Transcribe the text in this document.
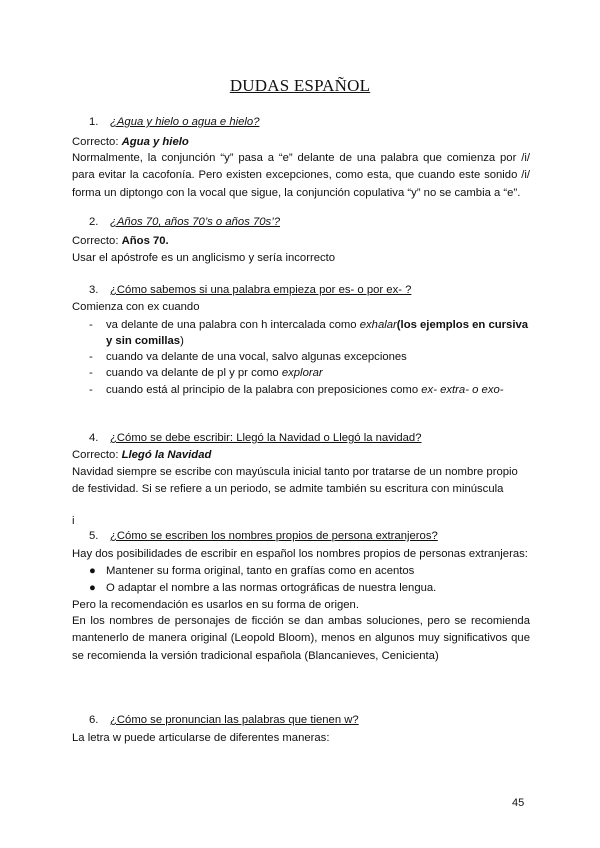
DUDAS ESPAÑOL
1. ¿Agua y hielo o agua e hielo?
Correcto: Agua y hielo
Normalmente, la conjunción “y” pasa a “e” delante de una palabra que comienza por /i/ para evitar la cacofonía. Pero existen excepciones, como esta, que cuando este sonido /i/ forma un diptongo con la vocal que sigue, la conjunción copulativa “y” no se cambia a “e”.
2. ¿Años 70, años 70’s o años 70s’?
Correcto: Años 70.
Usar el apóstrofe es un anglicismo y sería incorrecto
3. ¿Cómo sabemos si una palabra empieza por es- o por ex- ?
Comienza con ex cuando
- va delante de una palabra con h intercalada como exhalar(los ejemplos en cursiva
y sin comillas)
- cuando va delante de una vocal, salvo algunas excepciones
- cuando va delante de pl y pr como explorar
- cuando está al principio de la palabra con preposiciones como ex- extra- o exo-
4. ¿Cómo se debe escribir: Llegó la Navidad o Llegó la navidad?
Correcto: Llegó la Navidad
Navidad siempre se escribe con mayúscula inicial tanto por tratarse de un nombre propio de festividad. Si se refiere a un periodo, se admite también su escritura con minúscula
i
5. ¿Cómo se escriben los nombres propios de persona extranjeros?
Hay dos posibilidades de escribir en español los nombres propios de personas extranjeras:
● Mantener su forma original, tanto en grafías como en acentos
● O adaptar el nombre a las normas ortográficas de nuestra lengua.
Pero la recomendación es usarlos en su forma de origen.
En los nombres de personajes de ficción se dan ambas soluciones, pero se recomienda mantenerlo de manera original (Leopold Bloom), menos en algunos muy significativos que se recomienda la versión tradicional española (Blancanieves, Cenicienta)
6. ¿Cómo se pronuncian las palabras que tienen w?
La letra w puede articularse de diferentes maneras:
45
